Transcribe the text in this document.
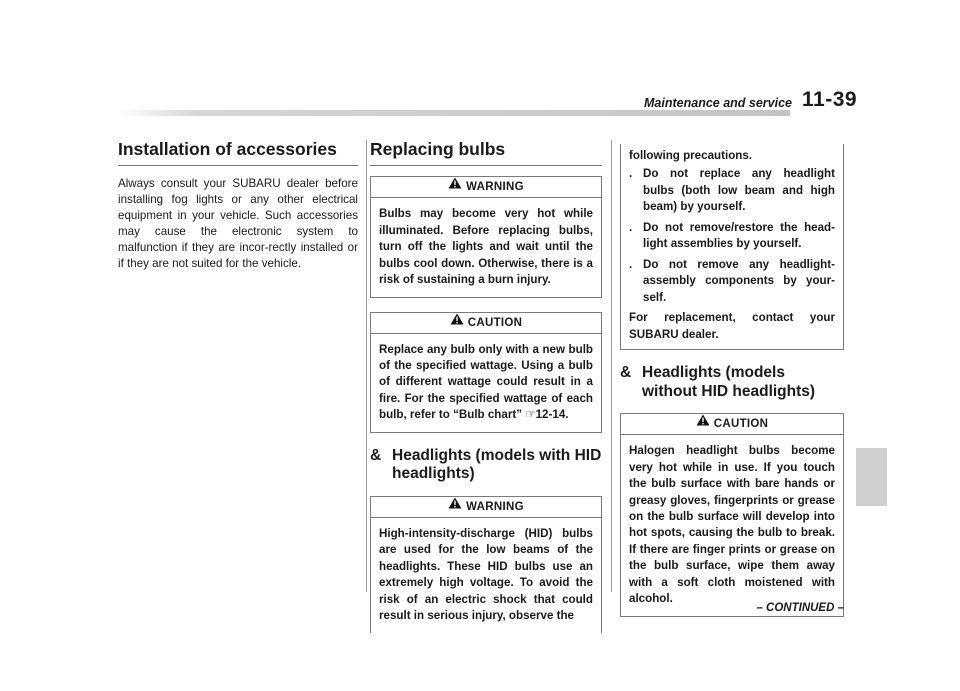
Maintenance and service 11-39
Installation of accessories

Always consult your SUBARU dealer before installing fog lights or any other electrical equipment in your vehicle. Such accessories may cause the electronic system to malfunction if they are incor-rectly installed or if they are not suited for the vehicle.

Replacing bulbs
WARNING

Bulbs may become very hot while illuminated. Before replacing bulbs, turn off the lights and wait until the bulbs cool down. Otherwise, there is a risk of sustaining a burn injury.

CAUTION

Replace any bulb only with a new bulb of the specified wattage. Using a bulb of different wattage could result in a fire. For the specified wattage of each bulb, refer to “Bulb chart” ☞12-14.

& Headlights (models with HID headlights)
WARNING

High-intensity-discharge (HID) bulbs are used for the low beams of the headlights. These HID bulbs use an extremely high voltage. To avoid the risk of an electric shock that could result in serious injury, observe the

following precautions.

. Do not replace any headlight bulbs (both low beam and high beam) by yourself.
. Do not remove/restore the head-light assemblies by yourself.
. Do not remove any headlight-assembly components by your-self.

For replacement, contact your SUBARU dealer.

& Headlights (models without HID headlights)
CAUTION

Halogen headlight bulbs become very hot while in use. If you touch the bulb surface with bare hands or greasy gloves, fingerprints or grease on the bulb surface will develop into hot spots, causing the bulb to break. If there are finger prints or grease on the bulb surface, wipe them away with a soft cloth moistened with alcohol.

– CONTINUED –
